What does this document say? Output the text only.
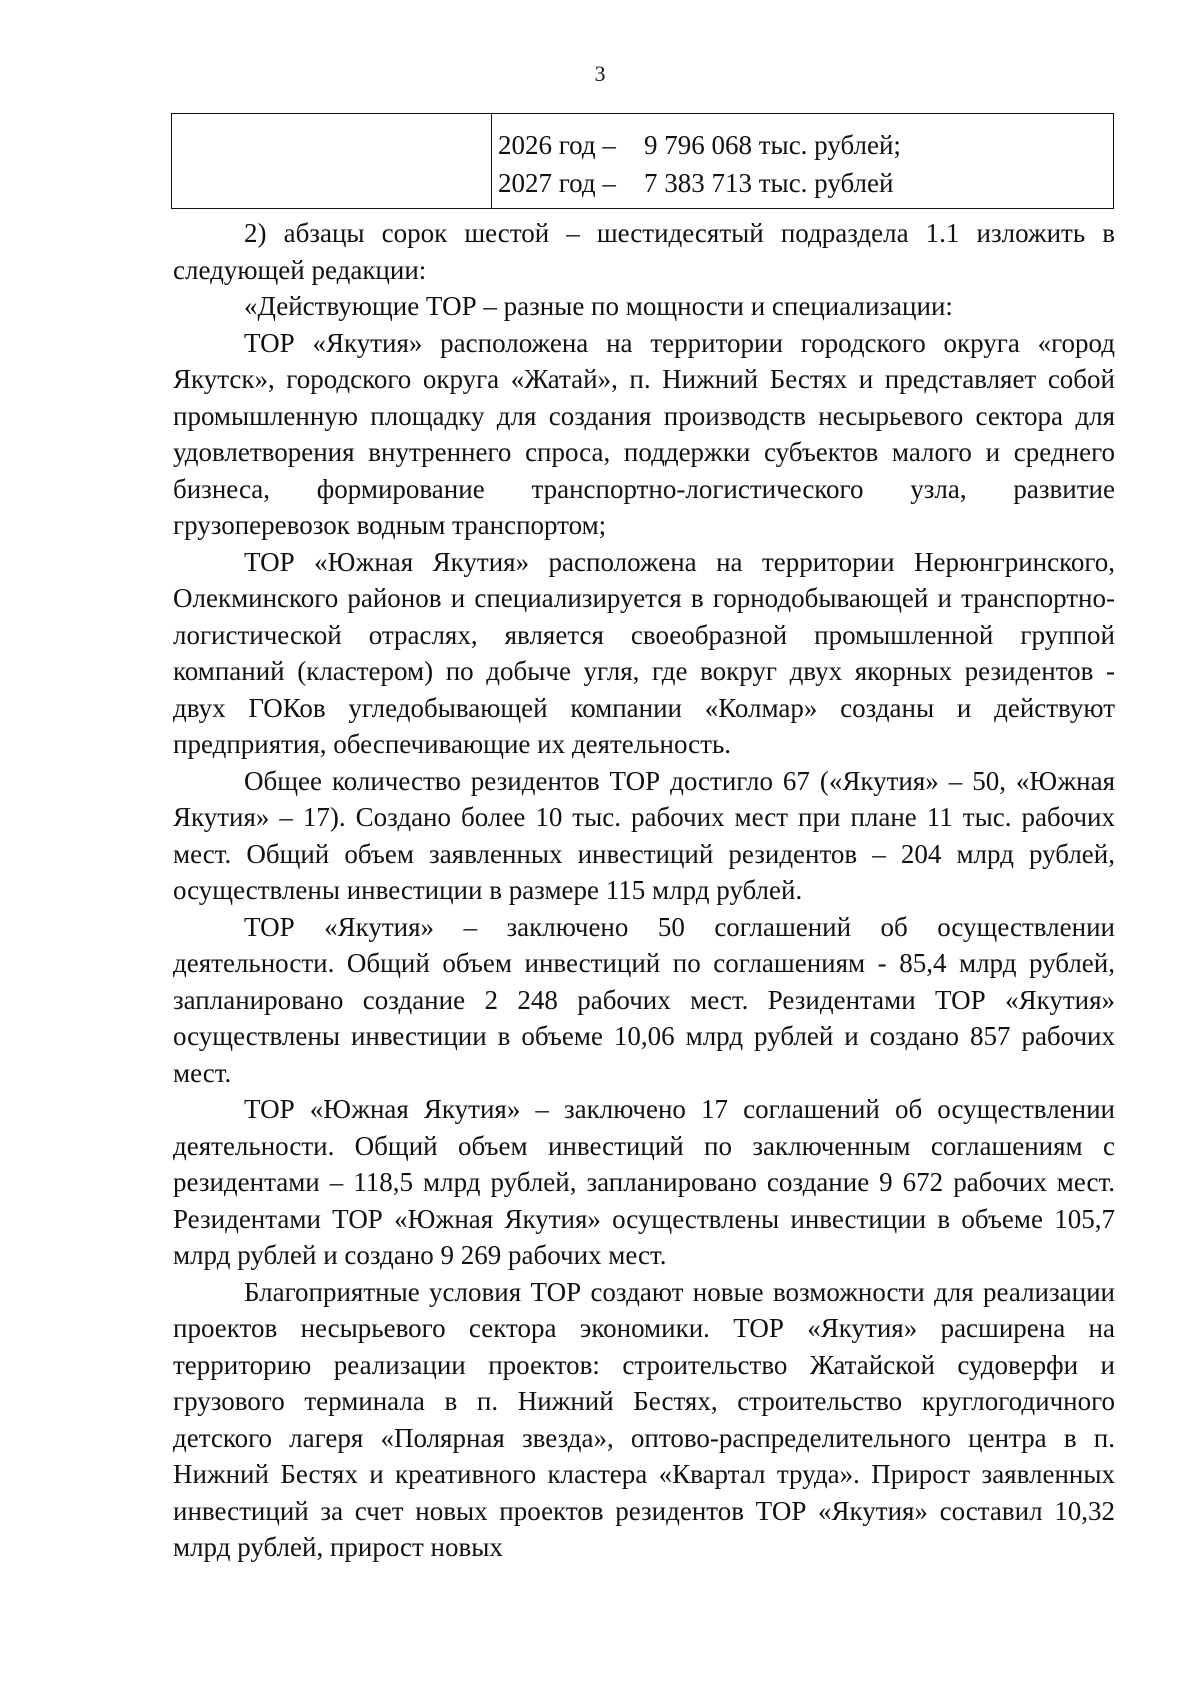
3
2026 год – 9 796 068 тыс. рублей;
2027 год – 7 383 713 тыс. рублей

2) абзацы сорок шестой – шестидесятый подраздела 1.1 изложить в следующей редакции:

«Действующие ТОР – разные по мощности и специализации:

ТОР «Якутия» расположена на территории городского округа «город Якутск», городского округа «Жатай», п. Нижний Бестях и представляет собой промышленную площадку для создания производств несырьевого сектора для удовлетворения внутреннего спроса, поддержки субъектов малого и среднего бизнеса, формирование транспортно-логистического узла, развитие грузоперевозок водным транспортом;

ТОР «Южная Якутия» расположена на территории Нерюнгринского, Олекминского районов и специализируется в горнодобывающей и транспортно-логистической отраслях, является своеобразной промышленной группой компаний (кластером) по добыче угля, где вокруг двух якорных резидентов - двух ГОКов угледобывающей компании «Колмар» созданы и действуют предприятия, обеспечивающие их деятельность.

Общее количество резидентов ТОР достигло 67 («Якутия» – 50, «Южная Якутия» – 17). Создано более 10 тыс. рабочих мест при плане 11 тыс. рабочих мест. Общий объем заявленных инвестиций резидентов – 204 млрд рублей, осуществлены инвестиции в размере 115 млрд рублей.

ТОР «Якутия» – заключено 50 соглашений об осуществлении деятельности. Общий объем инвестиций по соглашениям - 85,4 млрд рублей, запланировано создание 2 248 рабочих мест. Резидентами ТОР «Якутия» осуществлены инвестиции в объеме 10,06 млрд рублей и создано 857 рабочих мест.

ТОР «Южная Якутия» – заключено 17 соглашений об осуществлении деятельности. Общий объем инвестиций по заключенным соглашениям с резидентами – 118,5 млрд рублей, запланировано создание 9 672 рабочих мест. Резидентами ТОР «Южная Якутия» осуществлены инвестиции в объеме 105,7 млрд рублей и создано 9 269 рабочих мест.

Благоприятные условия ТОР создают новые возможности для реализации проектов несырьевого сектора экономики. ТОР «Якутия» расширена на территорию реализации проектов: строительство Жатайской судоверфи и грузового терминала в п. Нижний Бестях, строительство круглогодичного детского лагеря «Полярная звезда», оптово-распределительного центра в п. Нижний Бестях и креативного кластера «Квартал труда». Прирост заявленных инвестиций за счет новых проектов резидентов ТОР «Якутия» составил 10,32 млрд рублей, прирост новых
